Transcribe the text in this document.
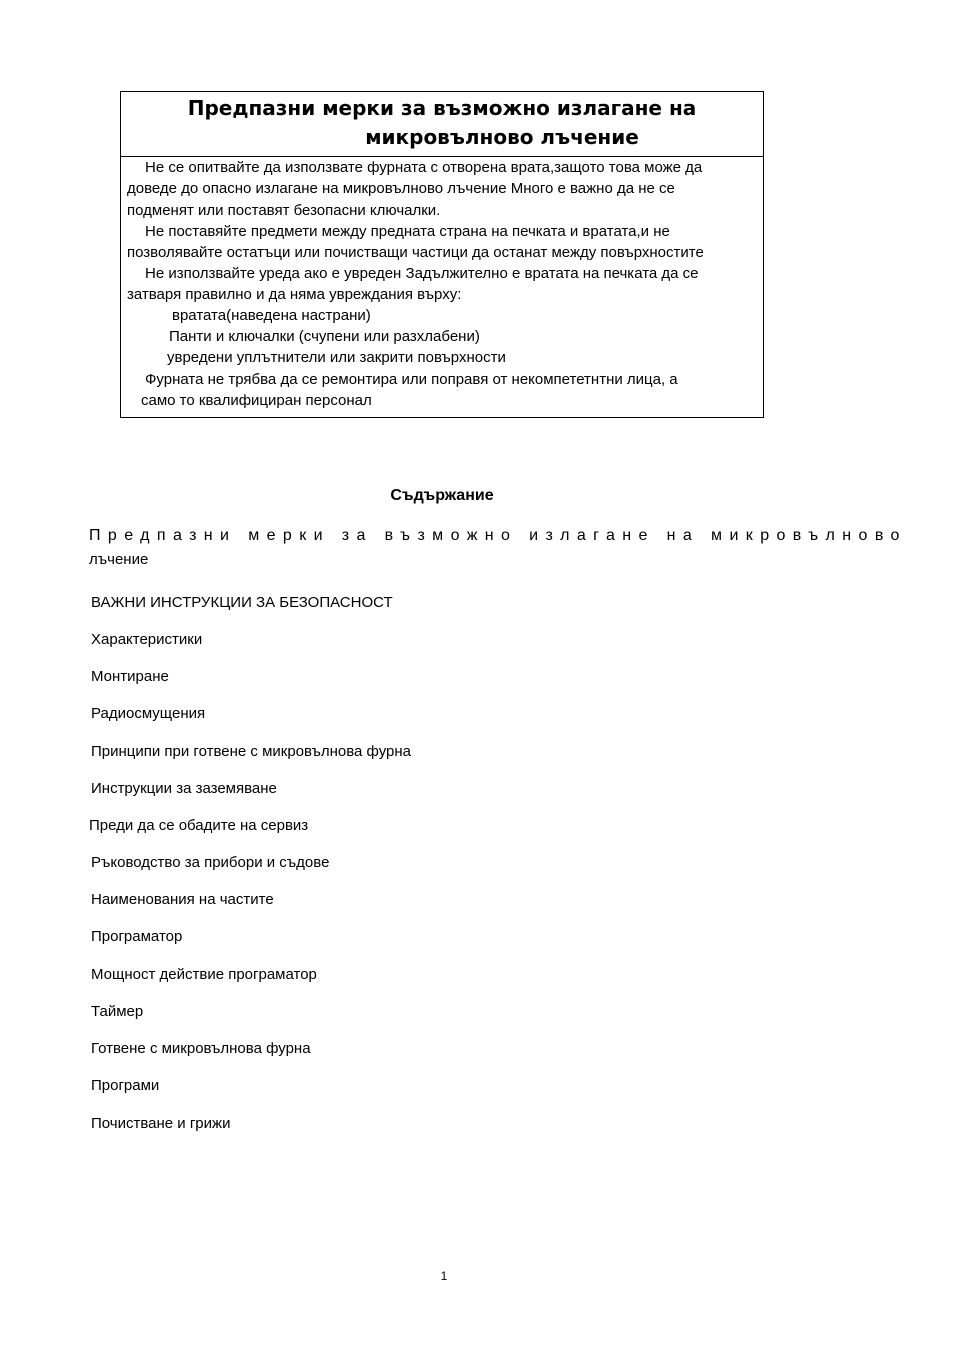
Предпазни мерки за възможно излагане на
микровълново лъчение
Не се опитвайте да използвате фурната с отворена врата,защото това може да
доведе до опасно излагане на микровълново лъчение Много е важно да не се
подменят или поставят безопасни ключалки.
Не поставяйте предмети между предната страна на печката и вратата,и не
позволявайте остатъци или почистващи частици да останат между повърхностите
Не използвайте уреда ако е увреден Задължително е вратата на печката да се
затваря правилно и да няма увреждания върху:
вратата(наведена настрани)
Панти и ключалки (счупени или разхлабени)
увредени уплътнители или закрити повърхности
Фурната не трябва да се ремонтира или поправя от некомпететнтни лица, а
само то квалифициран персонал
Съдържание
Предпазни мерки за възможно излагане на микровълново
лъчение
ВАЖНИ ИНСТРУКЦИИ ЗА БЕЗОПАСНОСТ
Характеристики
Монтиране
Радиосмущения
Принципи при готвене с микровълнова фурна
Инструкции за заземяване
Преди да се обадите на сервиз
Ръководство за прибори и съдове
Наименования на частите
Програматор
Мощност действие програматор
Таймер
Готвене с микровълнова фурна
Програми
Почистване и грижи
1
